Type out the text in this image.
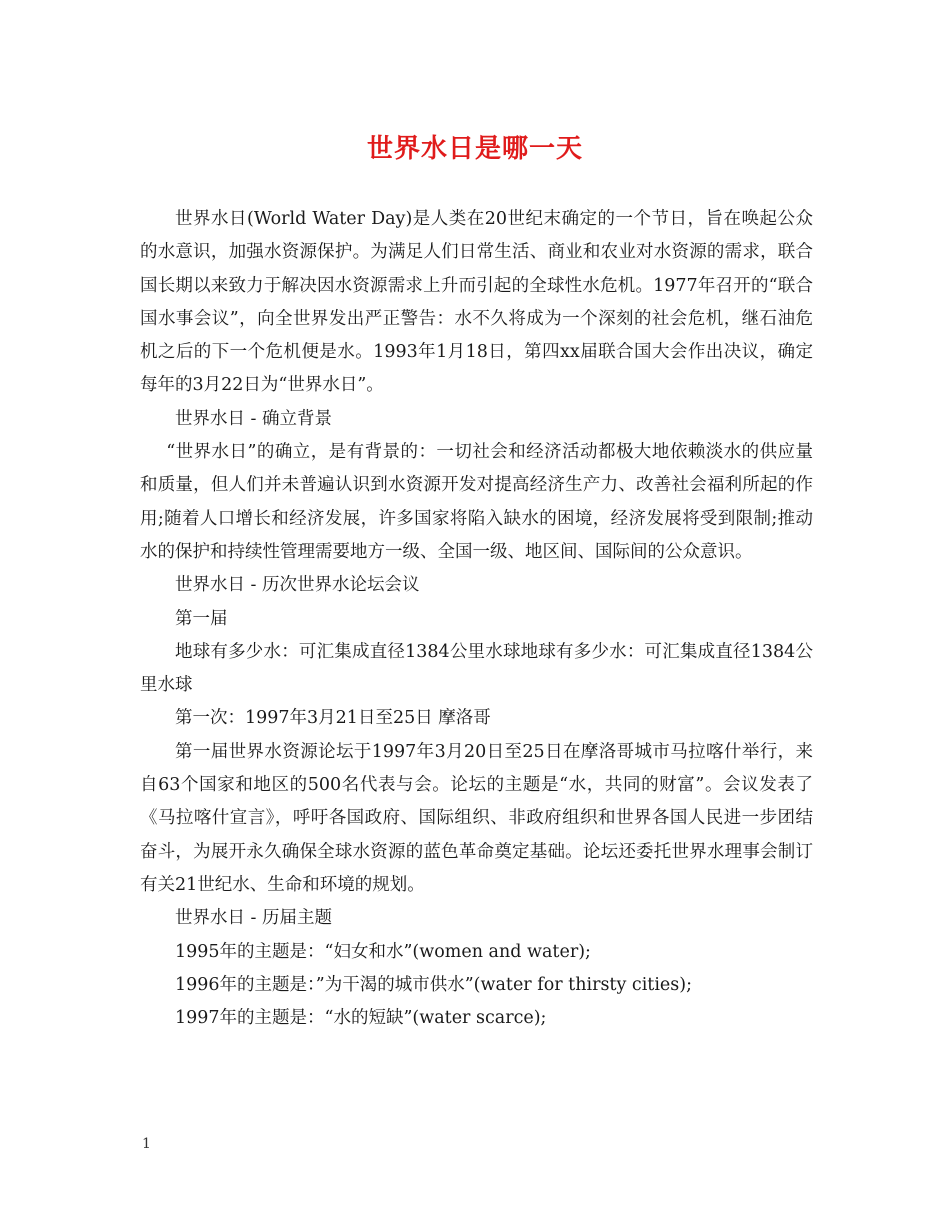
世界水日是哪一天

世界水日(World Water Day)是人类在20世纪末确定的一个节日，旨在唤起公众的水意识，加强水资源保护。为满足人们日常生活、商业和农业对水资源的需求，联合国长期以来致力于解决因水资源需求上升而引起的全球性水危机。1977年召开的“联合国水事会议”，向全世界发出严正警告：水不久将成为一个深刻的社会危机，继石油危机之后的下一个危机便是水。1993年1月18日，第四xx届联合国大会作出决议，确定每年的3月22日为“世界水日”。

世界水日 - 确立背景

“世界水日”的确立，是有背景的：一切社会和经济活动都极大地依赖淡水的供应量和质量，但人们并未普遍认识到水资源开发对提高经济生产力、改善社会福利所起的作用;随着人口增长和经济发展，许多国家将陷入缺水的困境，经济发展将受到限制;推动水的保护和持续性管理需要地方一级、全国一级、地区间、国际间的公众意识。

世界水日 - 历次世界水论坛会议

第一届

地球有多少水：可汇集成直径1384公里水球地球有多少水：可汇集成直径1384公里水球

第一次：1997年3月21日至25日 摩洛哥

第一届世界水资源论坛于1997年3月20日至25日在摩洛哥城市马拉喀什举行，来自63个国家和地区的500名代表与会。论坛的主题是“水，共同的财富”。会议发表了《马拉喀什宣言》，呼吁各国政府、国际组织、非政府组织和世界各国人民进一步团结奋斗，为展开永久确保全球水资源的蓝色革命奠定基础。论坛还委托世界水理事会制订有关21世纪水、生命和环境的规划。

世界水日 - 历届主题

1995年的主题是：“妇女和水”(women and water);

1996年的主题是：”为干渴的城市供水”(water for thirsty cities);

1997年的主题是：“水的短缺”(water scarce);

1
